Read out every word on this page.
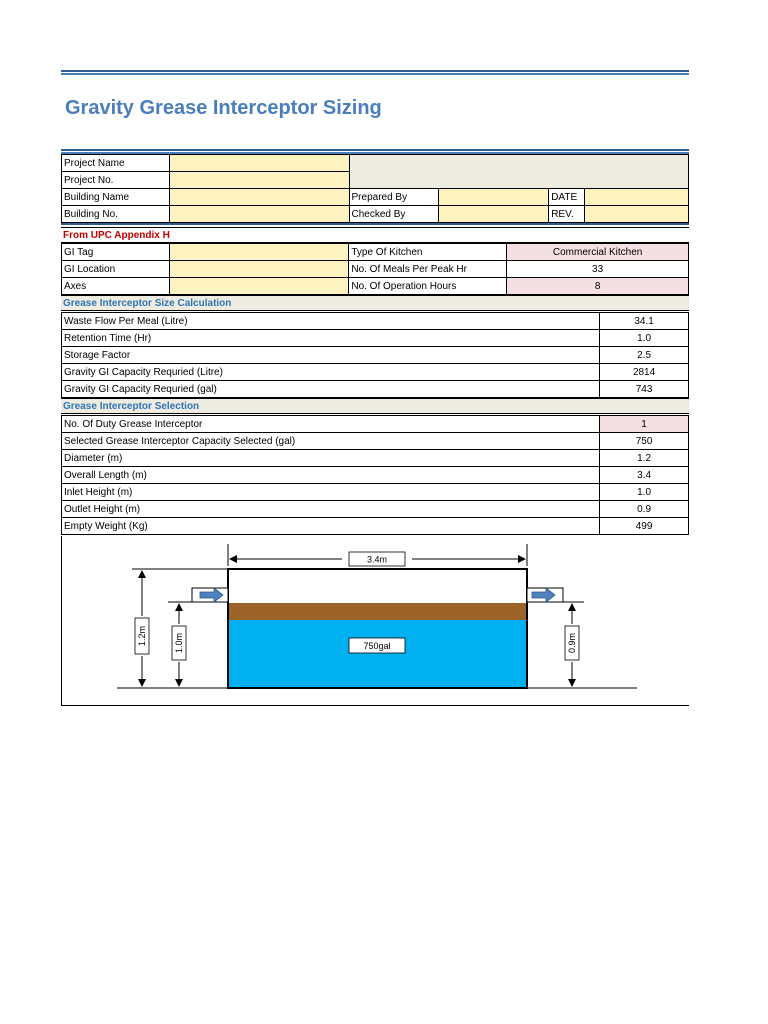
Gravity Grease Interceptor Sizing
Project Name					
Project No.					
Building Name		Prepared By		DATE	
Building No.		Checked By		REV.	
From UPC Appendix H
GI Tag		Type Of Kitchen	Commercial Kitchen
GI Location		No. Of Meals Per Peak Hr	33
Axes		No. Of Operation Hours	8
Grease Interceptor Size Calculation
Waste Flow Per Meal (Litre)	34.1
Retention Time (Hr)	1.0
Storage Factor	2.5
Gravity GI Capacity Requried (Litre)	2814
Gravity GI Capacity Requried (gal)	743
Grease Interceptor Selection
No. Of Duty Grease Interceptor	1
Selected Grease Interceptor Capacity Selected (gal)	750
Diameter (m)	1.2
Overall Length (m)	3.4
Inlet Height (m)	1.0
Outlet Height (m)	0.9
Empty Weight (Kg)	499
3.4m
750gal
1.2m	1.0m	0.9m
